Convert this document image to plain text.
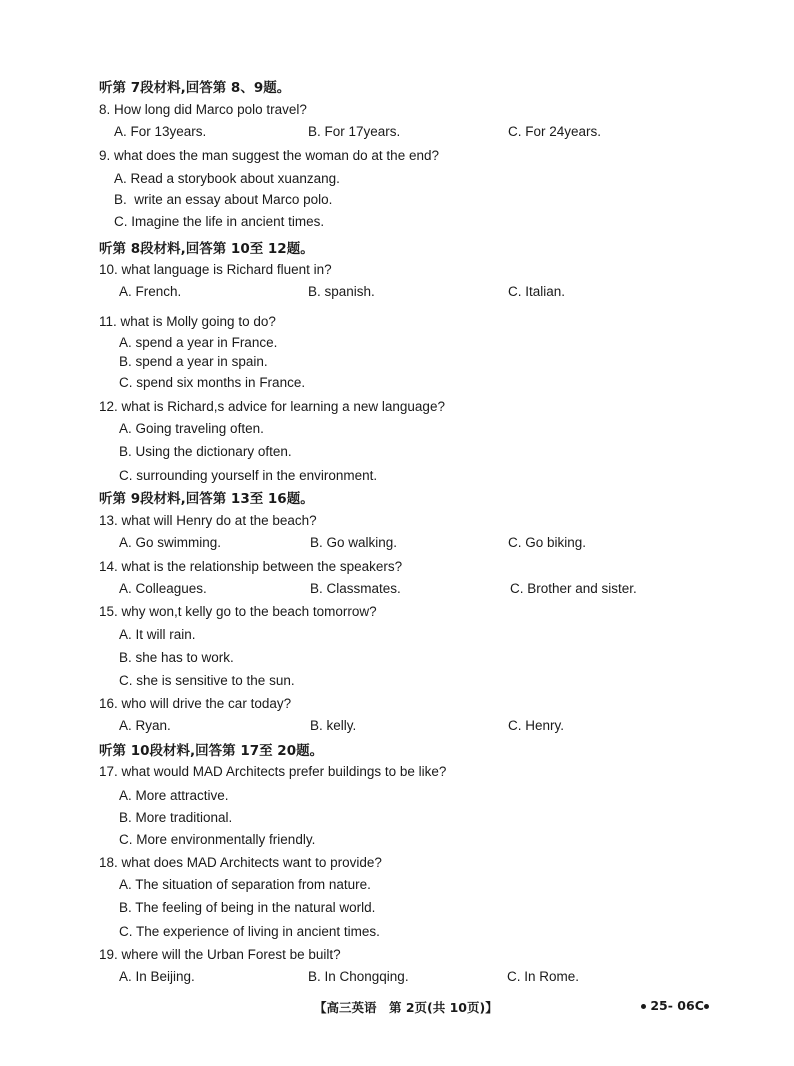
听第 7段材料,回答第 8、9题。
8. How long did Marco polo travel?
A. For 13years.	B. For 17years.	C. For 24years.
9. what does the man suggest the woman do at the end?
A. Read a storybook about xuanzang.
B.  write an essay about Marco polo.
C. Imagine the life in ancient times.
听第 8段材料,回答第 10至 12题。
10. what language is Richard fluent in?
A. French.	B. spanish.	C. Italian.
11. what is Molly going to do?
A. spend a year in France.
B. spend a year in spain.
C. spend six months in France.
12. what is Richard,s advice for learning a new language?
A. Going traveling often.
B. Using the dictionary often.
C. surrounding yourself in the environment.
听第 9段材料,回答第 13至 16题。
13. what will Henry do at the beach?
A. Go swimming.	B. Go walking.	C. Go biking.
14. what is the relationship between the speakers?
A. Colleagues.	B. Classmates.	C. Brother and sister.
15. why won,t kelly go to the beach tomorrow?
A. It will rain.
B. she has to work.
C. she is sensitive to the sun.
16. who will drive the car today?
A. Ryan.	B. kelly.	C. Henry.
听第 10段材料,回答第 17至 20题。
17. what would MAD Architects prefer buildings to be like?
A. More attractive.
B. More traditional.
C. More environmentally friendly.
18. what does MAD Architects want to provide?
A. The situation of separation from nature.
B. The feeling of being in the natural world.
C. The experience of living in ancient times.
19. where will the Urban Forest be built?
A. In Beijing.	B. In Chongqing.	C. In Rome.
【高三英语　第 2页(共 10页)】	25- 06C
